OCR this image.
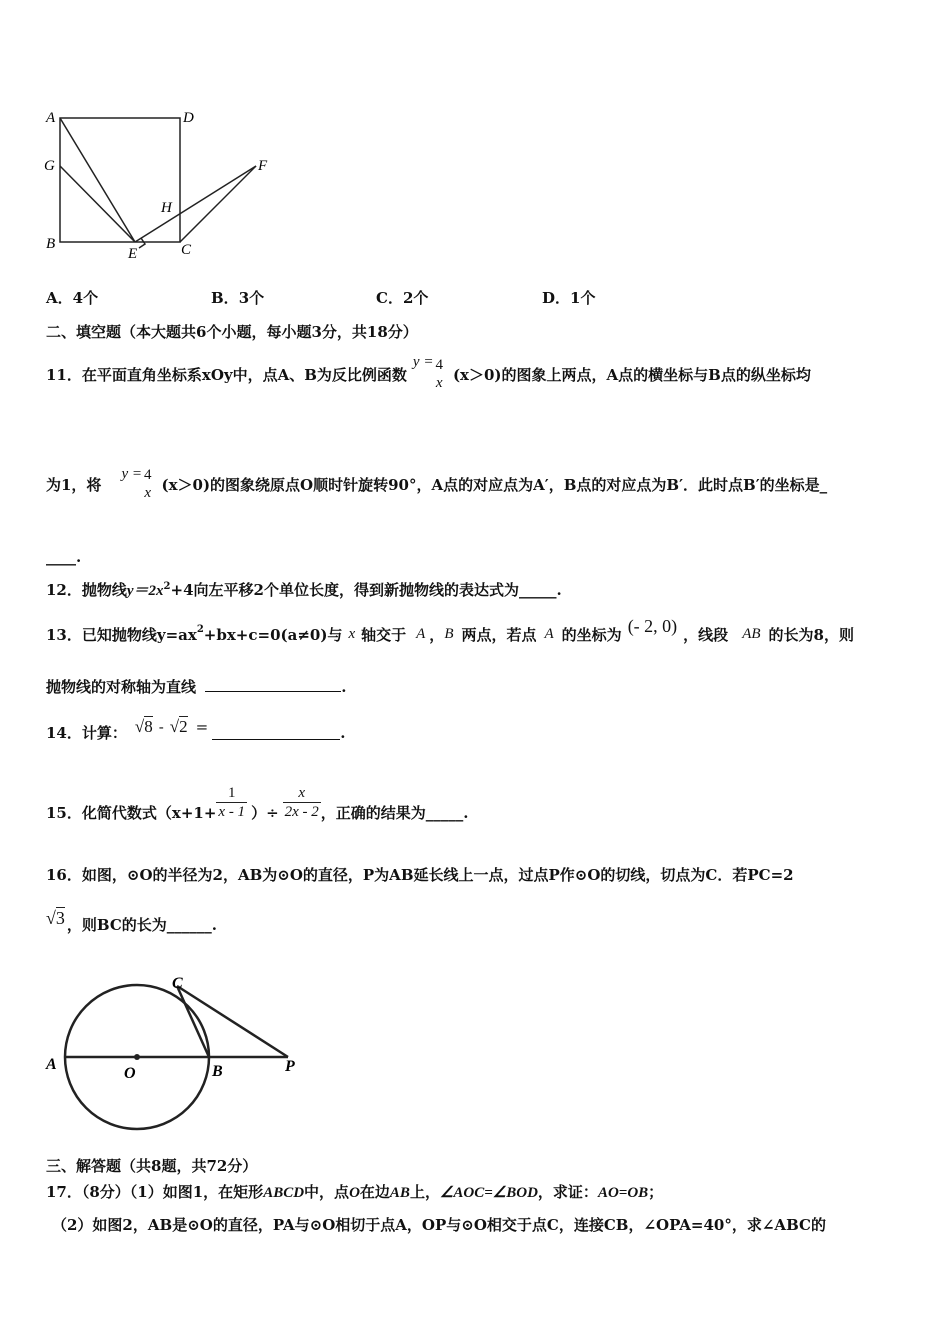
A	D
G	F
H
B
E	C
A．4个	B．3个	C．2个	D．1个
二、填空题（本大题共6个小题，每小题3分，共18分）
11．在平面直角坐标系xOy中，点A、B为反比例函数
y = 4
x (x＞0)的图象上两点，A点的横坐标与B点的纵坐标均
为1，将
y = 4
x (x＞0)的图象绕原点O顺时针旋转90°，A点的对应点为A′，B点的对应点为B′．此时点B′的坐标是_
____.
12．抛物线$y=2x^2+4$向左平移2个单位长度，得到新抛物线的表达式为_____.
13．已知抛物线$y=ax^2 +bx+c=0(a\ne 0)$与 x 轴交于 A ， B 两点，若点 A 的坐标为 (- 2, 0) ，线段 AB 的长为8，则
抛物线的对称轴为直线	.
14．计算： √8 - √2 =	.
15．化简代数式（$x+1+ \frac{1}{x - 1}$ ）÷ $\frac{x}{2x - 2}$ ，正确的结果为_____.
16．如图，⊙O的半径为2，AB为⊙O的直径，P为AB延长线上一点，过点P作⊙O的切线，切点为C．若PC=2
√3 ，则BC的长为______.
C
A
O	B	P
三、解答题（共8题，共72分）
17．（8分）（1）如图1，在矩形ABCD中，点O在边AB上，∠AOC=∠BOD，求证：AO=OB；
（2）如图2，AB是⊙O的直径，PA与⊙O相切于点A，OP与⊙O相交于点C，连接CB，∠OPA=40°，求∠ABC的
